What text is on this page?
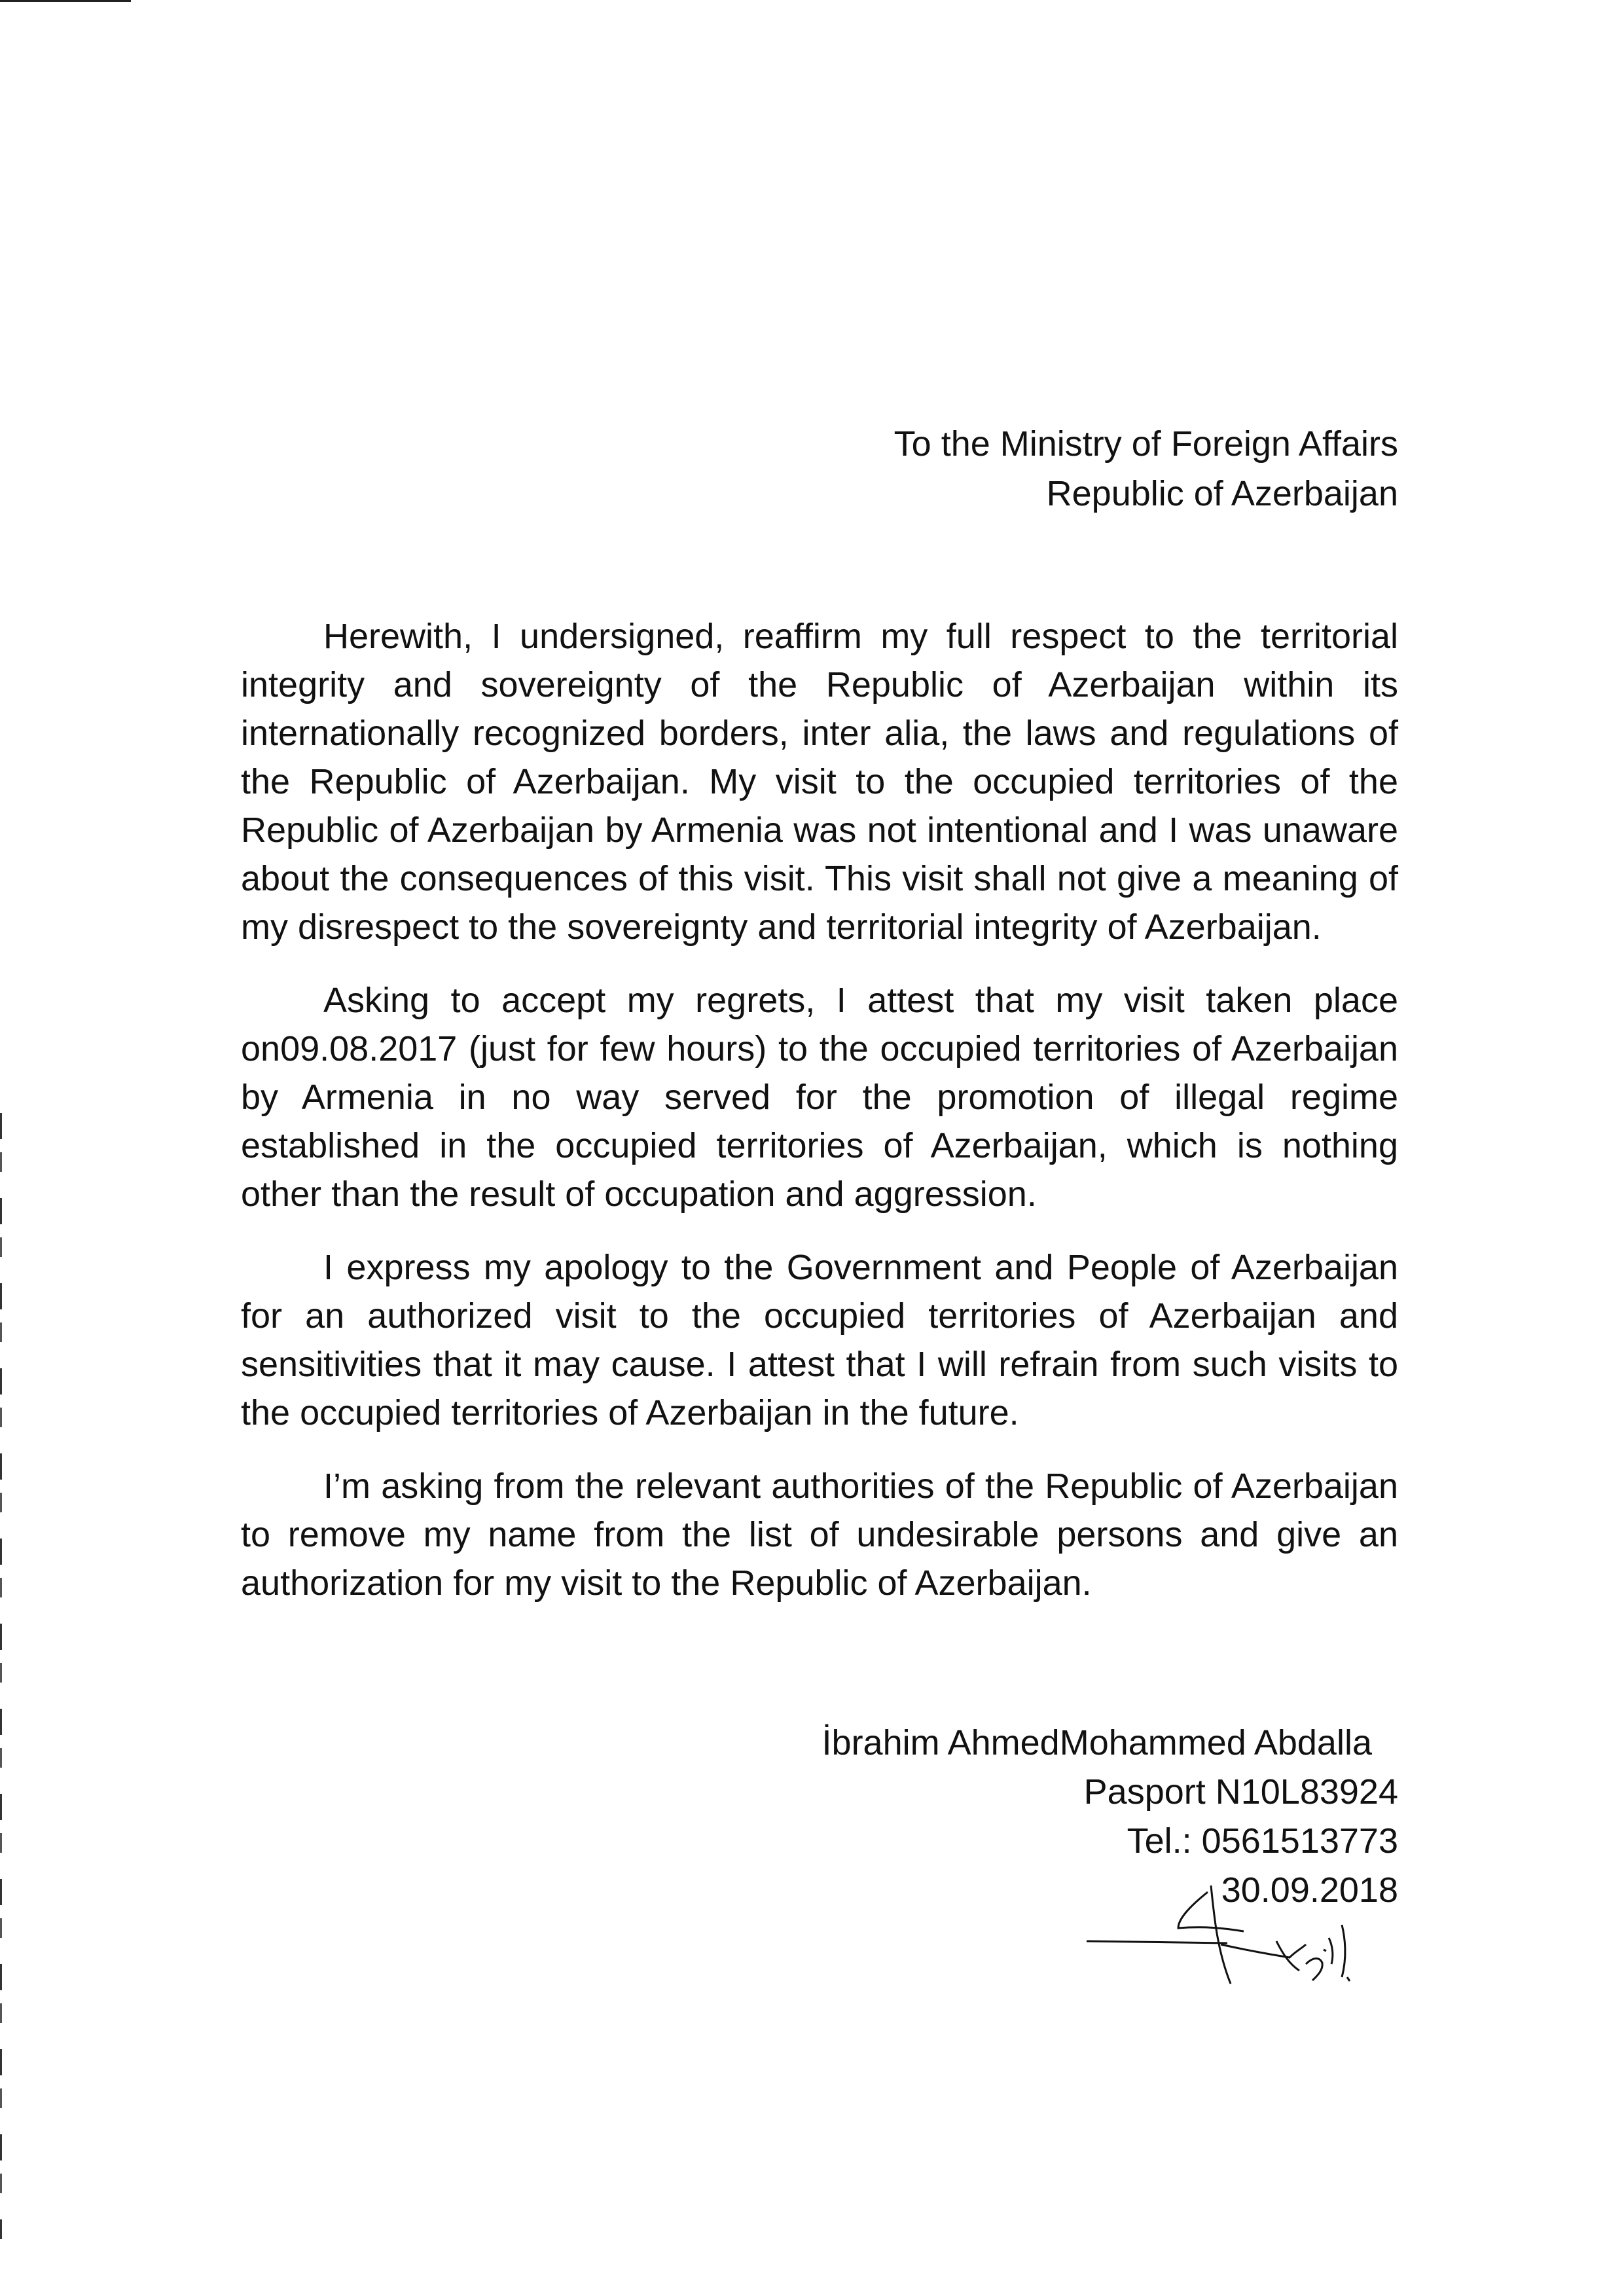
To the Ministry of Foreign Affairs
Republic of Azerbaijan

Herewith, I undersigned, reaffirm my full respect to the territorial integrity and sovereignty of the Republic of Azerbaijan within its internationally recognized borders, inter alia, the laws and regulations of the Republic of Azerbaijan. My visit to the occupied territories of the Republic of Azerbaijan by Armenia was not intentional and I was unaware about the consequences of this visit. This visit shall not give a meaning of my disrespect to the sovereignty and territorial integrity of Azerbaijan.

Asking to accept my regrets, I attest that my visit taken place on09.08.2017 (just for few hours) to the occupied territories of Azerbaijan by Armenia in no way served for the promotion of illegal regime established in the occupied territories of Azerbaijan, which is nothing other than the result of occupation and aggression.

I express my apology to the Government and People of Azerbaijan for an authorized visit to the occupied territories of Azerbaijan and sensitivities that it may cause. I attest that I will refrain from such visits to the occupied territories of Azerbaijan in the future.

I’m asking from the relevant authorities of the Republic of Azerbaijan to remove my name from the list of undesirable persons and give an authorization for my visit to the Republic of Azerbaijan.

İbrahim AhmedMohammed Abdalla
Pasport N10L83924
Tel.: 0561513773
30.09.2018
